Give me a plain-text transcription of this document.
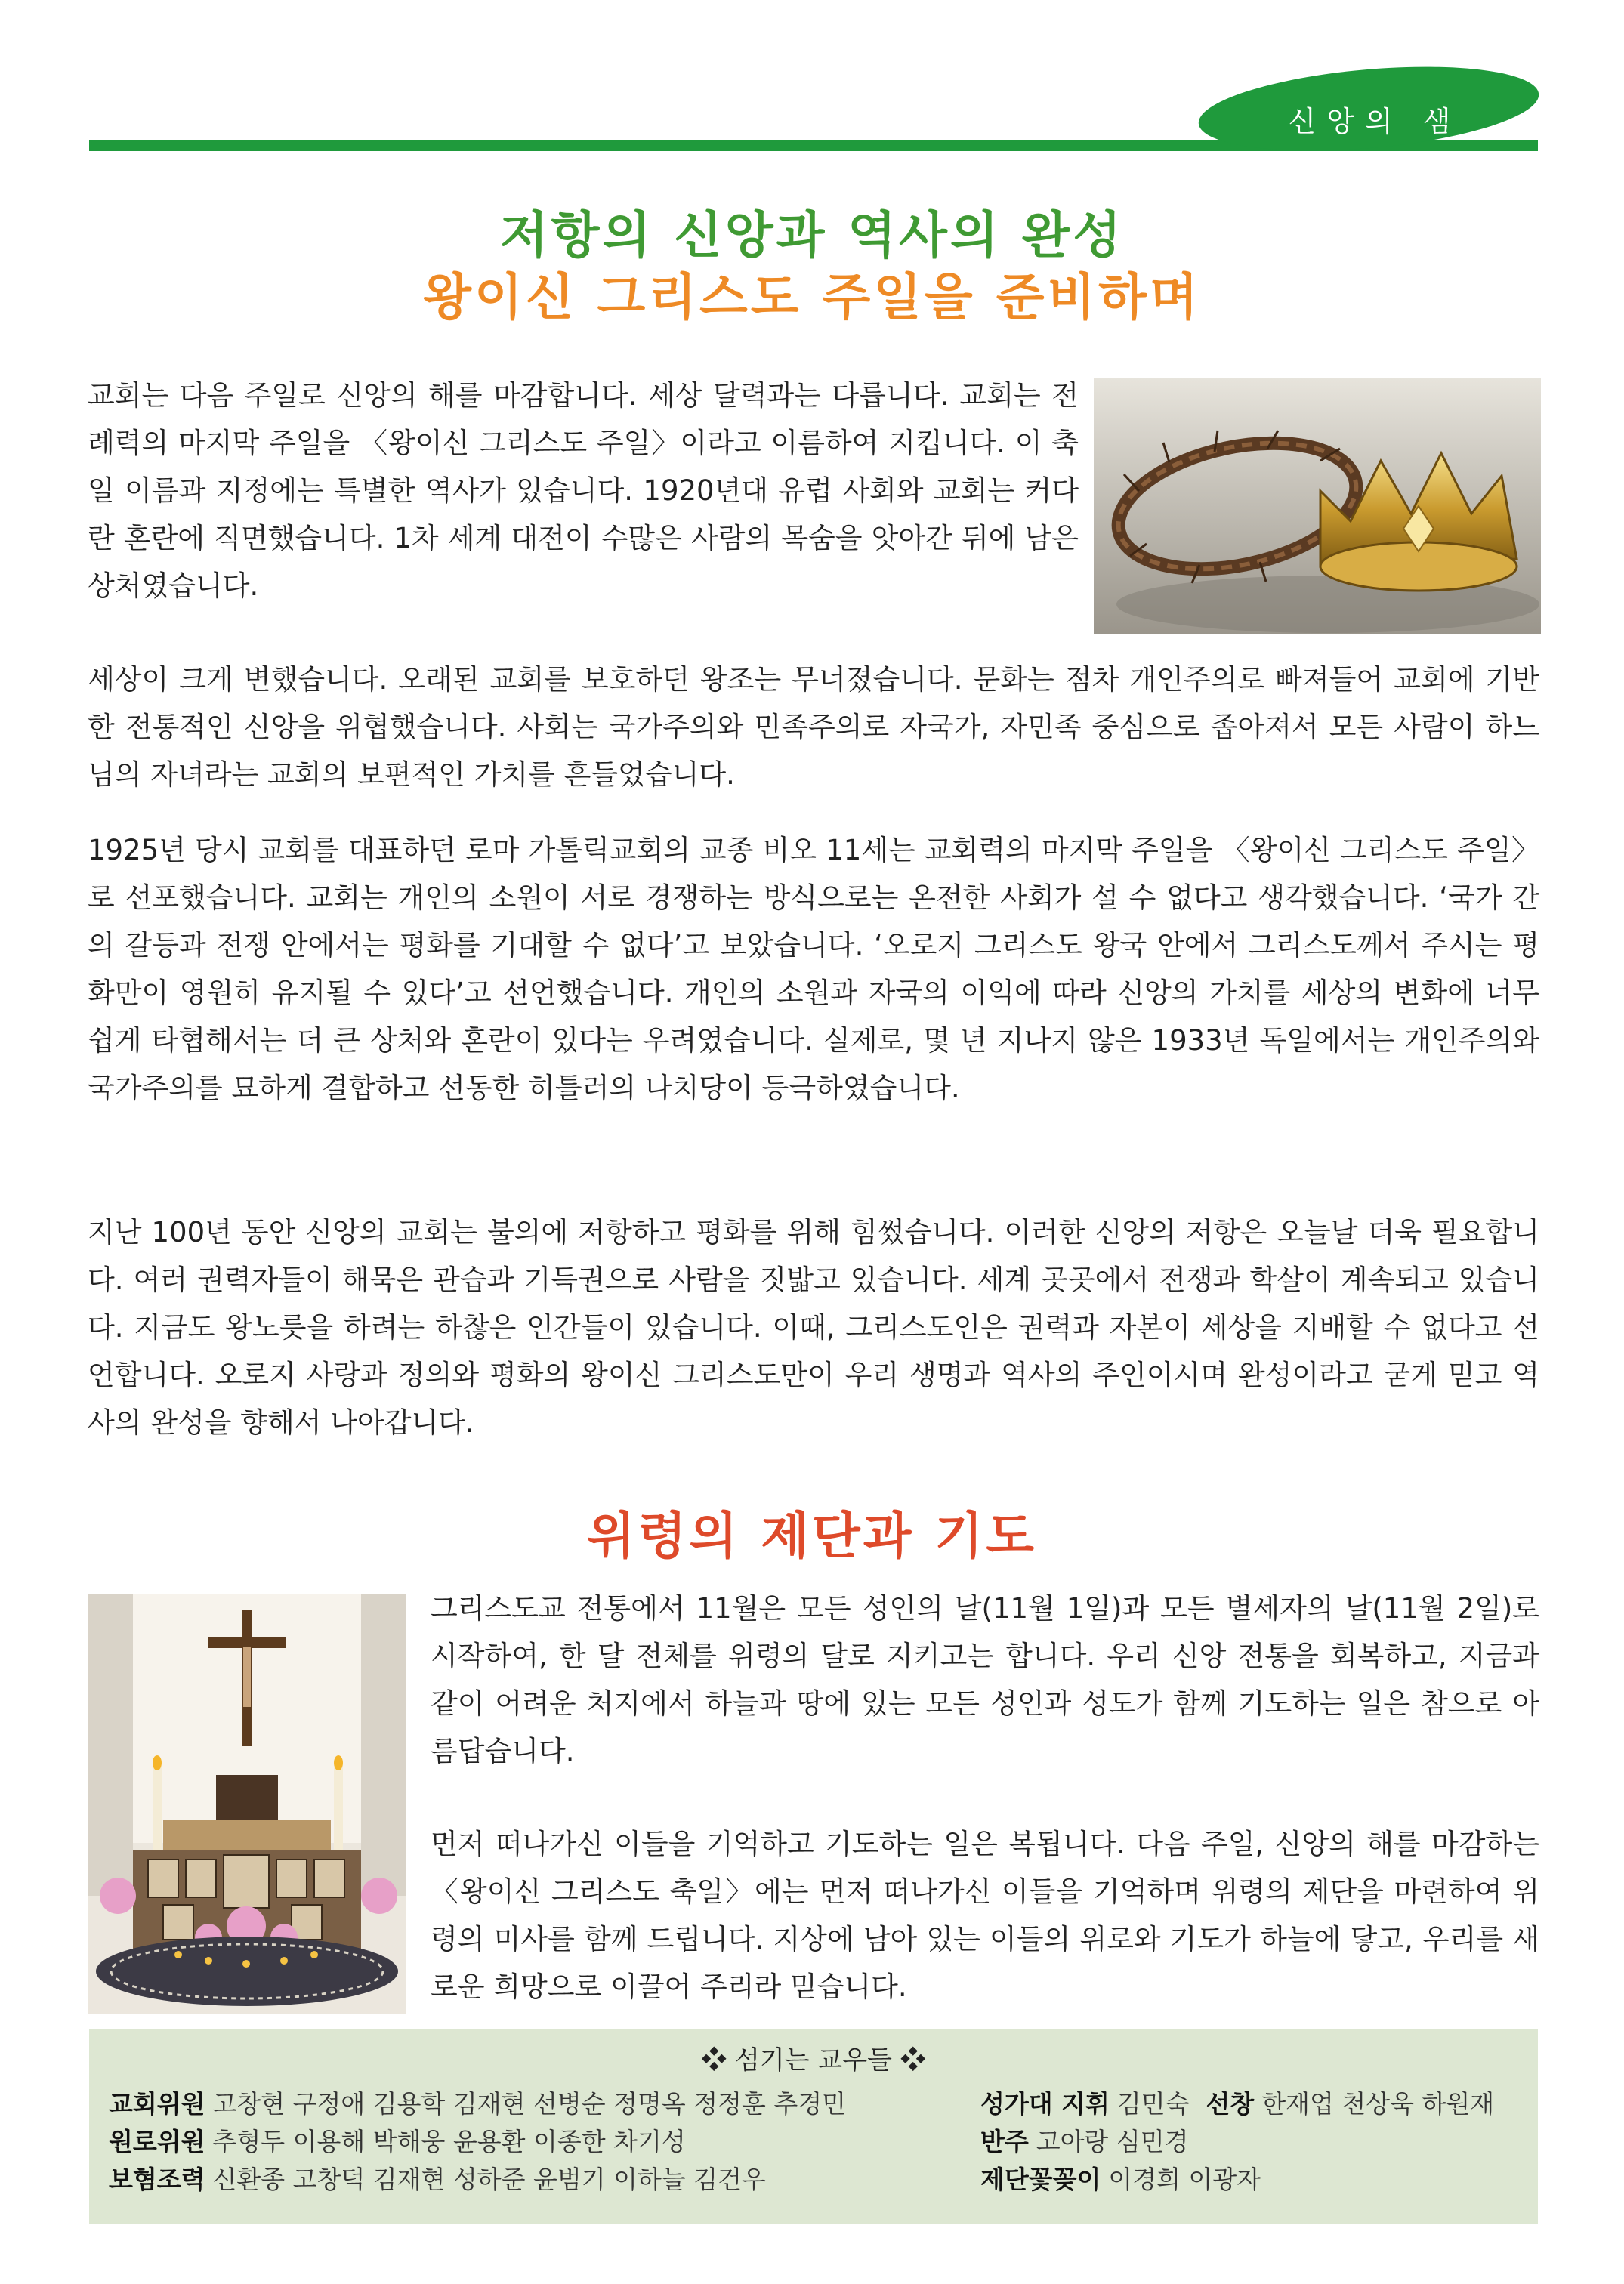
신앙의 샘
저항의 신앙과 역사의 완성
왕이신 그리스도 주일을 준비하며

교회는 다음 주일로 신앙의 해를 마감합니다. 세상 달력과는 다릅니다. 교회는 전례력의 마지막 주일을 〈왕이신 그리스도 주일〉이라고 이름하여 지킵니다. 이 축일 이름과 지정에는 특별한 역사가 있습니다. 1920년대 유럽 사회와 교회는 커다란 혼란에 직면했습니다. 1차 세계 대전이 수많은 사람의 목숨을 앗아간 뒤에 남은 상처였습니다.

세상이 크게 변했습니다. 오래된 교회를 보호하던 왕조는 무너졌습니다. 문화는 점차 개인주의로 빠져들어 교회에 기반한 전통적인 신앙을 위협했습니다. 사회는 국가주의와 민족주의로 자국가, 자민족 중심으로 좁아져서 모든 사람이 하느님의 자녀라는 교회의 보편적인 가치를 흔들었습니다.

1925년 당시 교회를 대표하던 로마 가톨릭교회의 교종 비오 11세는 교회력의 마지막 주일을 〈왕이신 그리스도 주일〉로 선포했습니다. 교회는 개인의 소원이 서로 경쟁하는 방식으로는 온전한 사회가 설 수 없다고 생각했습니다. ‘국가 간의 갈등과 전쟁 안에서는 평화를 기대할 수 없다’고 보았습니다. ‘오로지 그리스도 왕국 안에서 그리스도께서 주시는 평화만이 영원히 유지될 수 있다’고 선언했습니다. 개인의 소원과 자국의 이익에 따라 신앙의 가치를 세상의 변화에 너무 쉽게 타협해서는 더 큰 상처와 혼란이 있다는 우려였습니다. 실제로, 몇 년 지나지 않은 1933년 독일에서는 개인주의와 국가주의를 묘하게 결합하고 선동한 히틀러의 나치당이 등극하였습니다.

지난 100년 동안 신앙의 교회는 불의에 저항하고 평화를 위해 힘썼습니다. 이러한 신앙의 저항은 오늘날 더욱 필요합니다. 여러 권력자들이 해묵은 관습과 기득권으로 사람을 짓밟고 있습니다. 세계 곳곳에서 전쟁과 학살이 계속되고 있습니다. 지금도 왕노릇을 하려는 하찮은 인간들이 있습니다. 이때, 그리스도인은 권력과 자본이 세상을 지배할 수 없다고 선언합니다. 오로지 사랑과 정의와 평화의 왕이신 그리스도만이 우리 생명과 역사의 주인이시며 완성이라고 굳게 믿고 역사의 완성을 향해서 나아갑니다.

위령의 제단과 기도

그리스도교 전통에서 11월은 모든 성인의 날(11월 1일)과 모든 별세자의 날(11월 2일)로 시작하여, 한 달 전체를 위령의 달로 지키고는 합니다. 우리 신앙 전통을 회복하고, 지금과 같이 어려운 처지에서 하늘과 땅에 있는 모든 성인과 성도가 함께 기도하는 일은 참으로 아름답습니다.

먼저 떠나가신 이들을 기억하고 기도하는 일은 복됩니다. 다음 주일, 신앙의 해를 마감하는 〈왕이신 그리스도 축일〉에는 먼저 떠나가신 이들을 기억하며 위령의 제단을 마련하여 위령의 미사를 함께 드립니다. 지상에 남아 있는 이들의 위로와 기도가 하늘에 닿고, 우리를 새로운 희망으로 이끌어 주리라 믿습니다.

❖ 섬기는 교우들 ❖
교회위원 고창현 구정애 김용학 김재현 선병순 정명옥 정정훈 추경민
원로위원 추형두 이용해 박해웅 윤용환 이종한 차기성
보혐조력 신환종 고창덕 김재현 성하준 윤범기 이하늘 김건우
성가대 지휘 김민숙 선창 한재업 천상욱 하원재
반주 고아랑 심민경
제단꽃꽂이 이경희 이광자
